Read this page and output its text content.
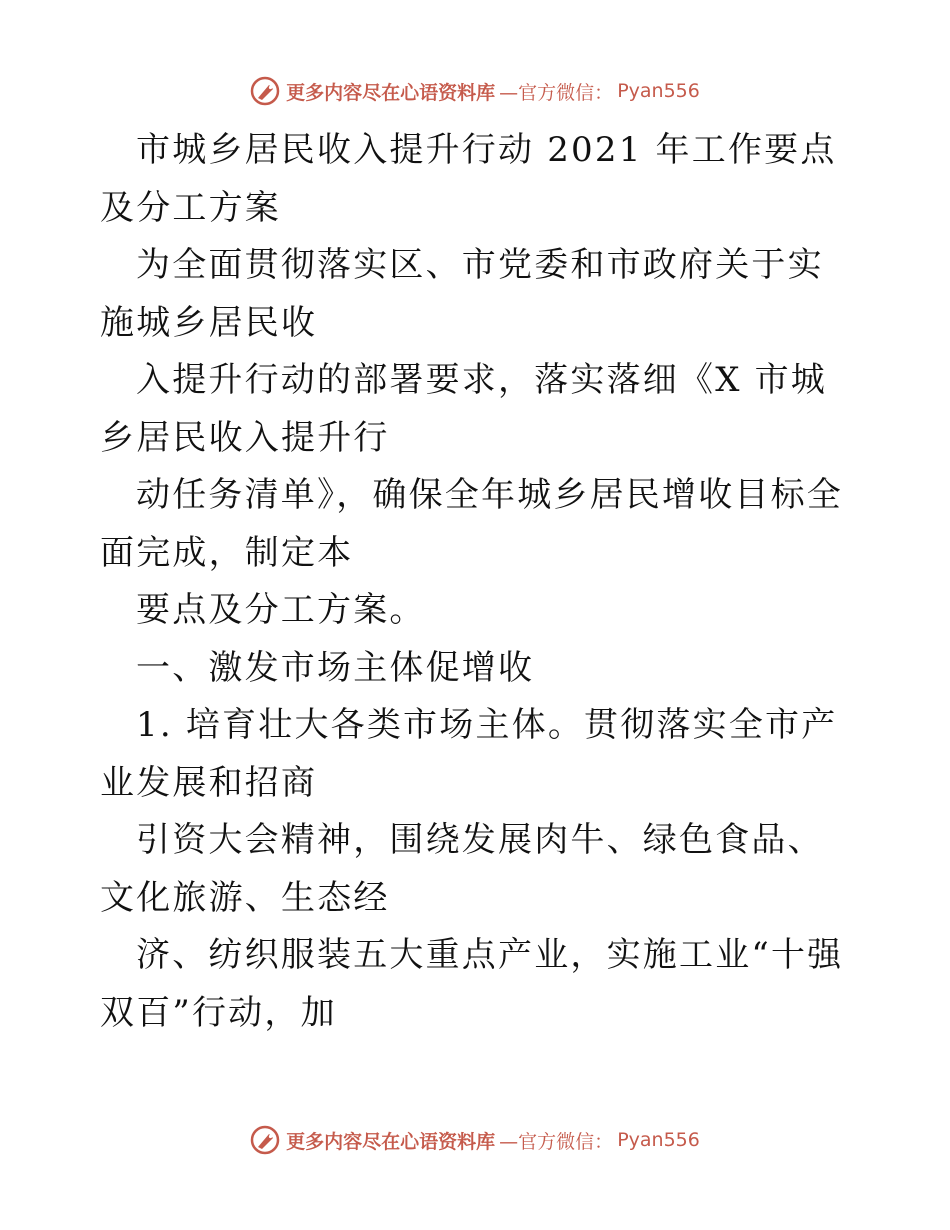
更多内容尽在心语资料库 —官方微信： Pyan556

市城乡居民收入提升行动 2021 年工作要点及分工方案

为全面贯彻落实区、市党委和市政府关于实施城乡居民收

入提升行动的部署要求，落实落细《X 市城乡居民收入提升行

动任务清单》，确保全年城乡居民增收目标全面完成，制定本

要点及分工方案。

一、激发市场主体促增收

1. 培育壮大各类市场主体。贯彻落实全市产业发展和招商

引资大会精神，围绕发展肉牛、绿色食品、文化旅游、生态经

济、纺织服装五大重点产业，实施工业“十强双百”行动，加

更多内容尽在心语资料库 —官方微信： Pyan556
